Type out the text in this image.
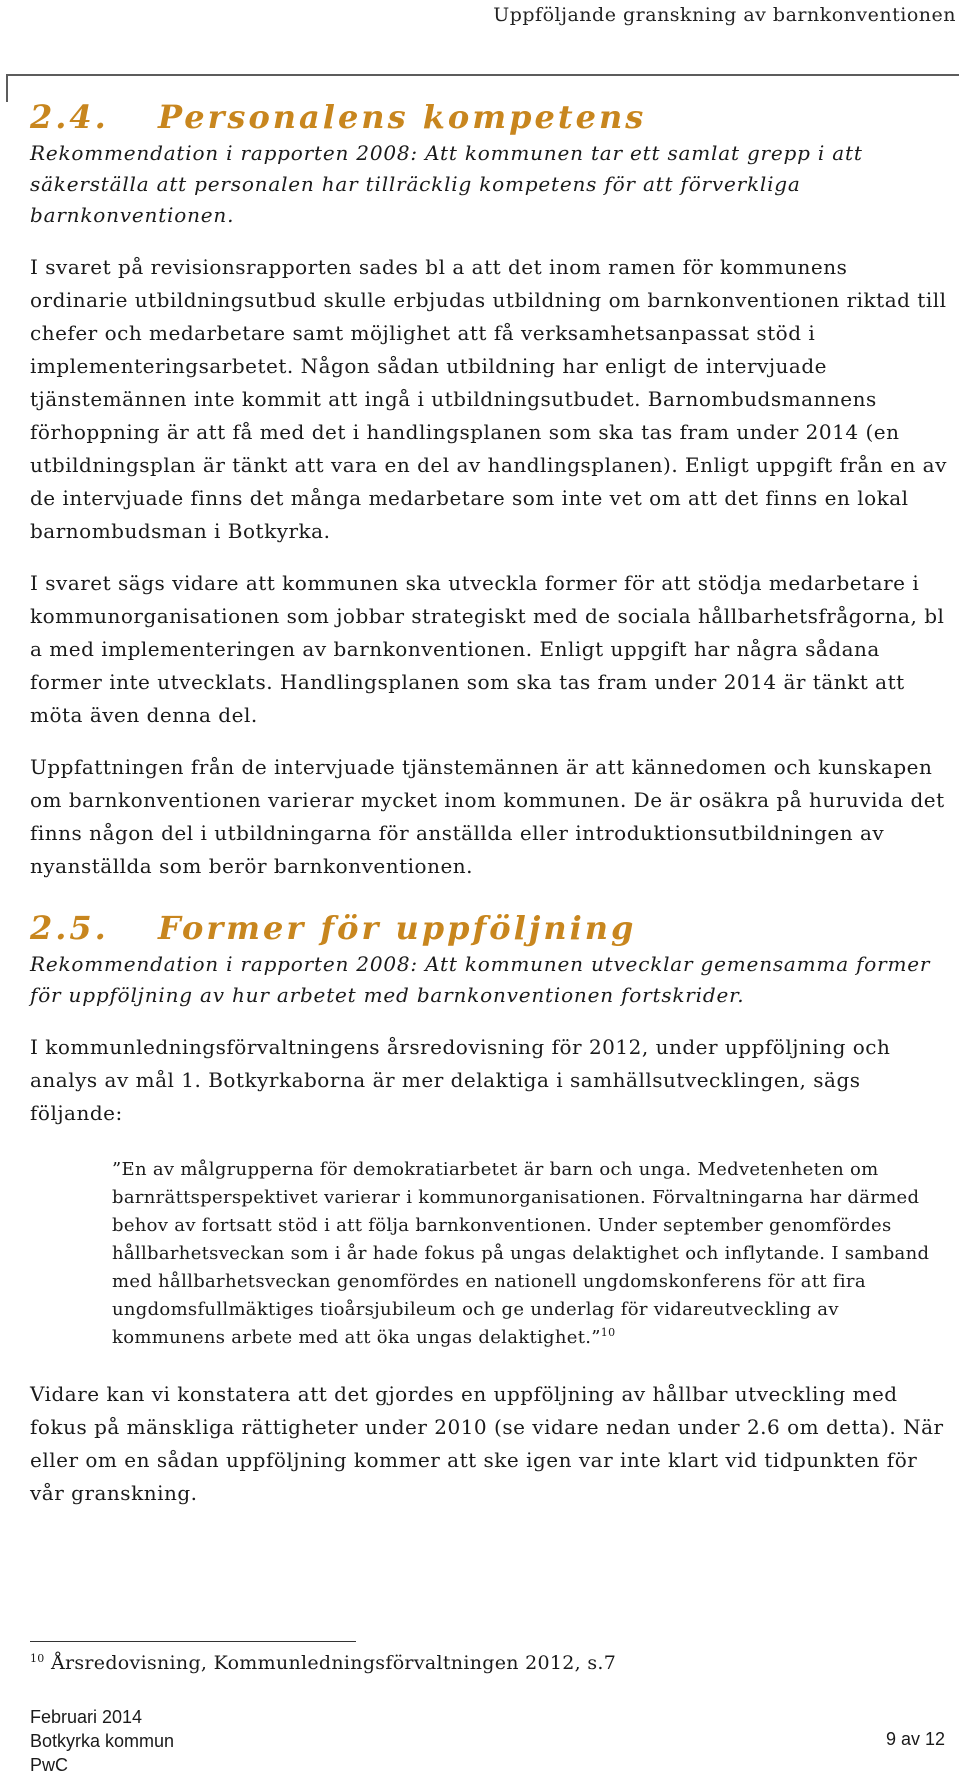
Uppföljande granskning av barnkonventionen
2.4.	Personalens kompetens
Rekommendation i rapporten 2008: Att kommunen tar ett samlat grepp i att säkerställa att personalen har tillräcklig kompetens för att förverkliga barnkonventionen.

I svaret på revisionsrapporten sades bl a att det inom ramen för kommunens ordinarie utbildningsutbud skulle erbjudas utbildning om barnkonventionen riktad till chefer och medarbetare samt möjlighet att få verksamhetsanpassat stöd i implementeringsarbetet. Någon sådan utbildning har enligt de intervjuade tjänstemännen inte kommit att ingå i utbildningsutbudet. Barnombudsmannens förhoppning är att få med det i handlingsplanen som ska tas fram under 2014 (en utbildningsplan är tänkt att vara en del av handlingsplanen). Enligt uppgift från en av de intervjuade finns det många medarbetare som inte vet om att det finns en lokal barnombudsman i Botkyrka.

I svaret sägs vidare att kommunen ska utveckla former för att stödja medarbetare i kommunorganisationen som jobbar strategiskt med de sociala hållbarhetsfrågorna, bl a med implementeringen av barnkonventionen. Enligt uppgift har några sådana former inte utvecklats. Handlingsplanen som ska tas fram under 2014 är tänkt att möta även denna del.

Uppfattningen från de intervjuade tjänstemännen är att kännedomen och kunskapen om barnkonventionen varierar mycket inom kommunen. De är osäkra på huruvida det finns någon del i utbildningarna för anställda eller introduktionsutbildningen av nyanställda som berör barnkonventionen.

2.5.	Former för uppföljning
Rekommendation i rapporten 2008: Att kommunen utvecklar gemensamma former för uppföljning av hur arbetet med barnkonventionen fortskrider.

I kommunledningsförvaltningens årsredovisning för 2012, under uppföljning och analys av mål 1. Botkyrkaborna är mer delaktiga i samhällsutvecklingen, sägs följande:

”En av målgrupperna för demokratiarbetet är barn och unga. Medvetenheten om barnrättsperspektivet varierar i kommunorganisationen. Förvaltningarna har därmed behov av fortsatt stöd i att följa barnkonventionen. Under september genomfördes hållbarhetsveckan som i år hade fokus på ungas delaktighet och inflytande. I samband med hållbarhetsveckan genomfördes en nationell ungdomskonferens för att fira ungdomsfullmäktiges tioårsjubileum och ge underlag för vidareutveckling av kommunens arbete med att öka ungas delaktighet.”$^{10}$

Vidare kan vi konstatera att det gjordes en uppföljning av hållbar utveckling med fokus på mänskliga rättigheter under 2010 (se vidare nedan under 2.6 om detta). När eller om en sådan uppföljning kommer att ske igen var inte klart vid tidpunkten för vår granskning.

$^{10}$ Årsredovisning, Kommunledningsförvaltningen 2012, s.7
Februari 2014
Botkyrka kommun
PwC
9 av 12
